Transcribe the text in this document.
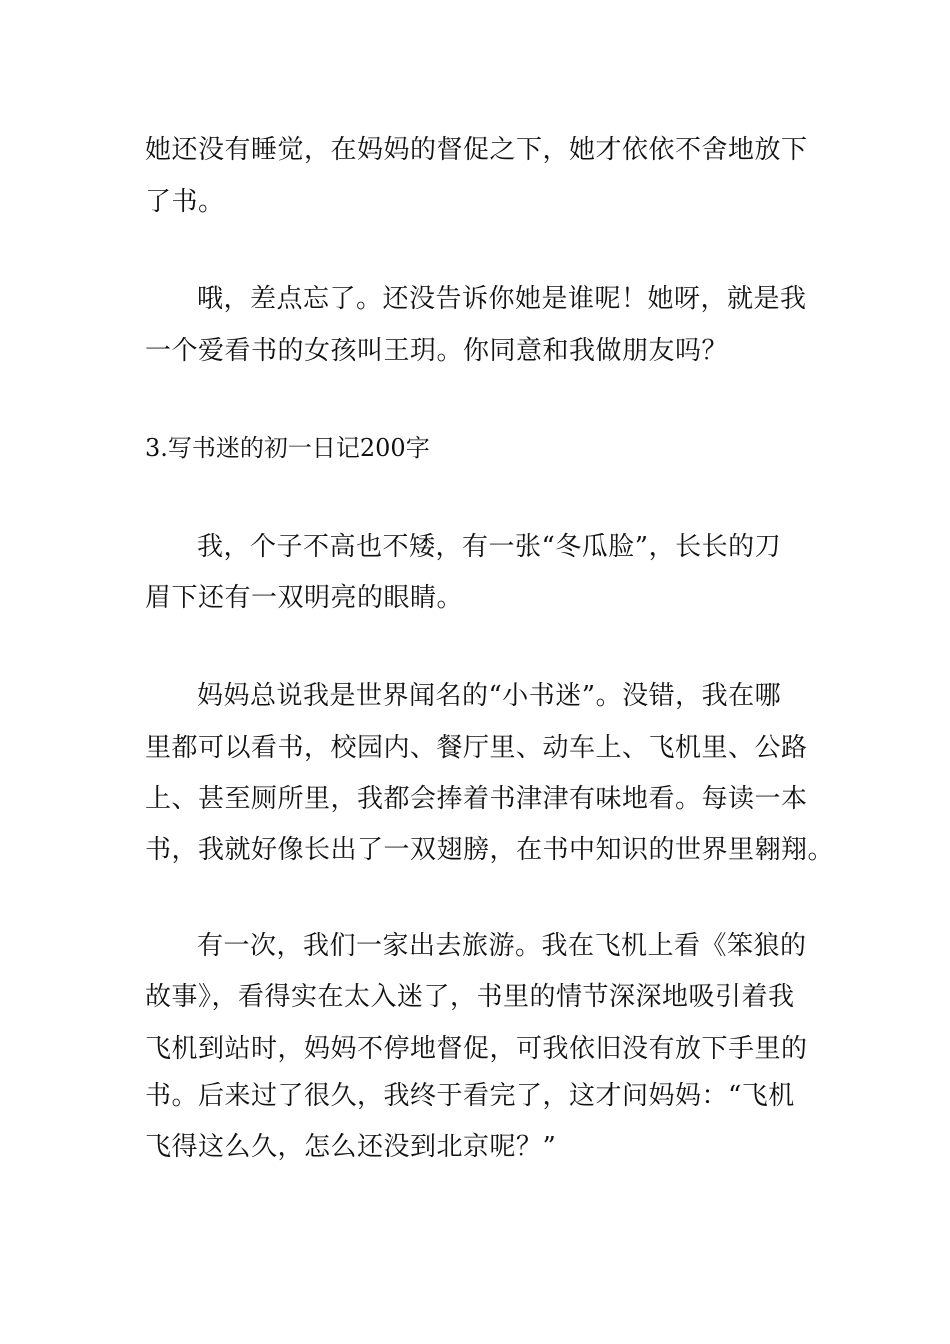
她还没有睡觉，在妈妈的督促之下，她才依依不舍地放下
了书。
哦，差点忘了。还没告诉你她是谁呢！她呀，就是我
一个爱看书的女孩叫王玥。你同意和我做朋友吗？
3.写书迷的初一日记200字
我，个子不高也不矮，有一张“冬瓜脸”，长长的刀
眉下还有一双明亮的眼睛。
妈妈总说我是世界闻名的“小书迷”。没错，我在哪
里都可以看书，校园内、餐厅里、动车上、飞机里、公路
上、甚至厕所里，我都会捧着书津津有味地看。每读一本
书，我就好像长出了一双翅膀，在书中知识的世界里翱翔。
有一次，我们一家出去旅游。我在飞机上看《笨狼的
故事》，看得实在太入迷了，书里的情节深深地吸引着我
飞机到站时，妈妈不停地督促，可我依旧没有放下手里的
书。后来过了很久，我终于看完了，这才问妈妈：“飞机
飞得这么久，怎么还没到北京呢？”
